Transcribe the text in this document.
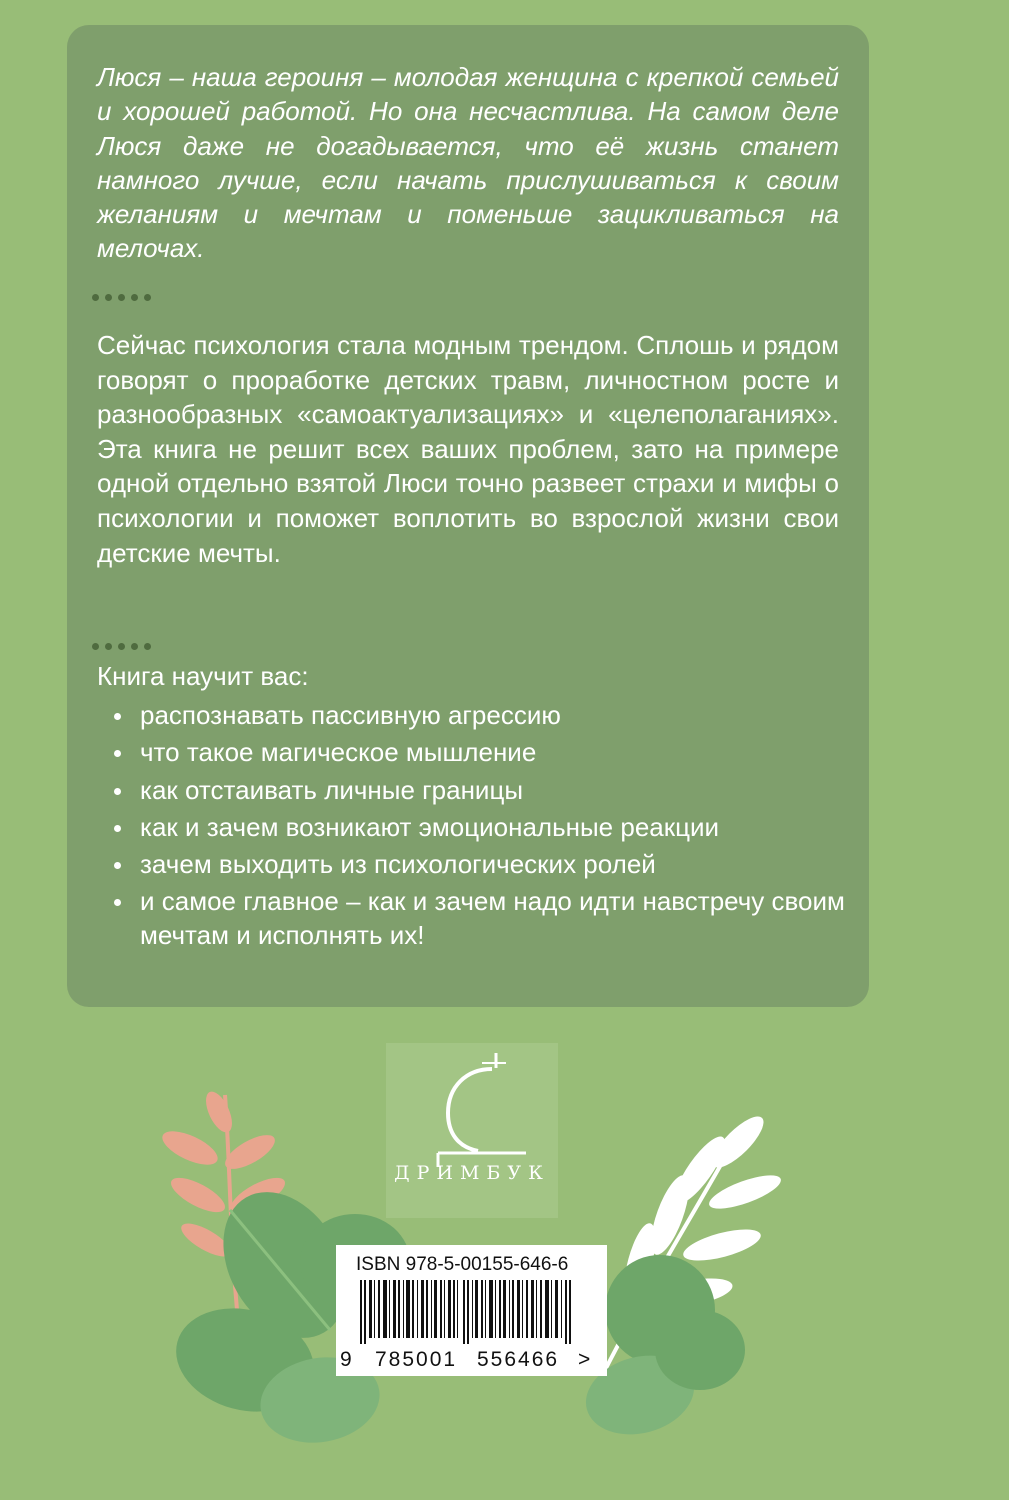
Люся – наша героиня – молодая женщина с крепкой семьей и хорошей работой. Но она несчастлива. На самом деле Люся даже не догадывается, что её жизнь станет намного лучше, если начать прислушиваться к своим желаниям и мечтам и поменьше зацикливаться на мелочах.

Сейчас психология стала модным трендом. Сплошь и рядом говорят о проработке детских травм, личностном росте и разнообразных «самоактуализациях» и «целеполаганиях». Эта книга не решит всех ваших проблем, зато на примере одной отдельно взятой Люси точно развеет страхи и мифы о психологии и поможет воплотить во взрослой жизни свои детские мечты.

Книга научит вас:

распознавать пассивную агрессию
что такое магическое мышление
как отстаивать личные границы
как и зачем возникают эмоциональные реакции
зачем выходить из психологических ролей
и самое главное – как и зачем надо идти навстречу своим мечтам и исполнять их!
ДРИМБУК

ISBN 978-5-00155-646-6

9 785001 556466 >
